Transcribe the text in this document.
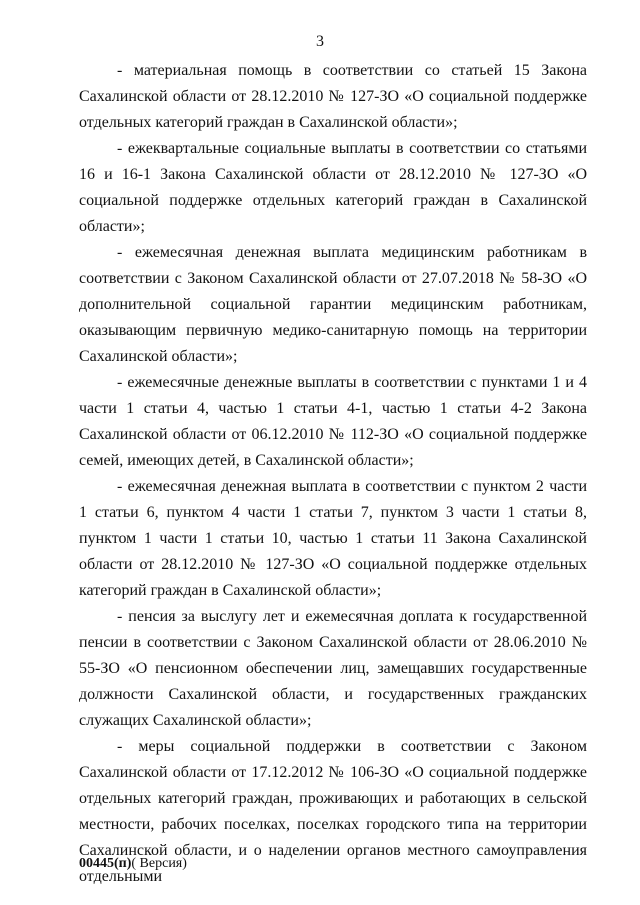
3

- материальная помощь в соответствии со статьей 15 Закона Сахалинской области от 28.12.2010 № 127-ЗО «О социальной поддержке отдельных категорий граждан в Сахалинской области»;

- ежеквартальные социальные выплаты в соответствии со статьями 16 и 16-1 Закона Сахалинской области от 28.12.2010 № 127-ЗО «О социальной поддержке отдельных категорий граждан в Сахалинской области»;

- ежемесячная денежная выплата медицинским работникам в соответствии с Законом Сахалинской области от 27.07.2018 № 58-ЗО «О дополнительной социальной гарантии медицинским работникам, оказывающим первичную медико-санитарную помощь на территории Сахалинской области»;

- ежемесячные денежные выплаты в соответствии с пунктами 1 и 4 части 1 статьи 4, частью 1 статьи 4-1, частью 1 статьи 4-2 Закона Сахалинской области от 06.12.2010 № 112-ЗО «О социальной поддержке семей, имеющих детей, в Сахалинской области»;

- ежемесячная денежная выплата в соответствии с пунктом 2 части 1 статьи 6, пунктом 4 части 1 статьи 7, пунктом 3 части 1 статьи 8, пунктом 1 части 1 статьи 10, частью 1 статьи 11 Закона Сахалинской области от 28.12.2010 № 127-ЗО «О социальной поддержке отдельных категорий граждан в Сахалинской области»;

- пенсия за выслугу лет и ежемесячная доплата к государственной пенсии в соответствии с Законом Сахалинской области от 28.06.2010 № 55-ЗО «О пенсионном обеспечении лиц, замещавших государственные должности Сахалинской области, и государственных гражданских служащих Сахалинской области»;

- меры социальной поддержки в соответствии с Законом Сахалинской области от 17.12.2012 № 106-ЗО «О социальной поддержке отдельных категорий граждан, проживающих и работающих в сельской местности, рабочих поселках, поселках городского типа на территории Сахалинской области, и о наделении органов местного самоуправления отдельными

00445(п)( Версия)
